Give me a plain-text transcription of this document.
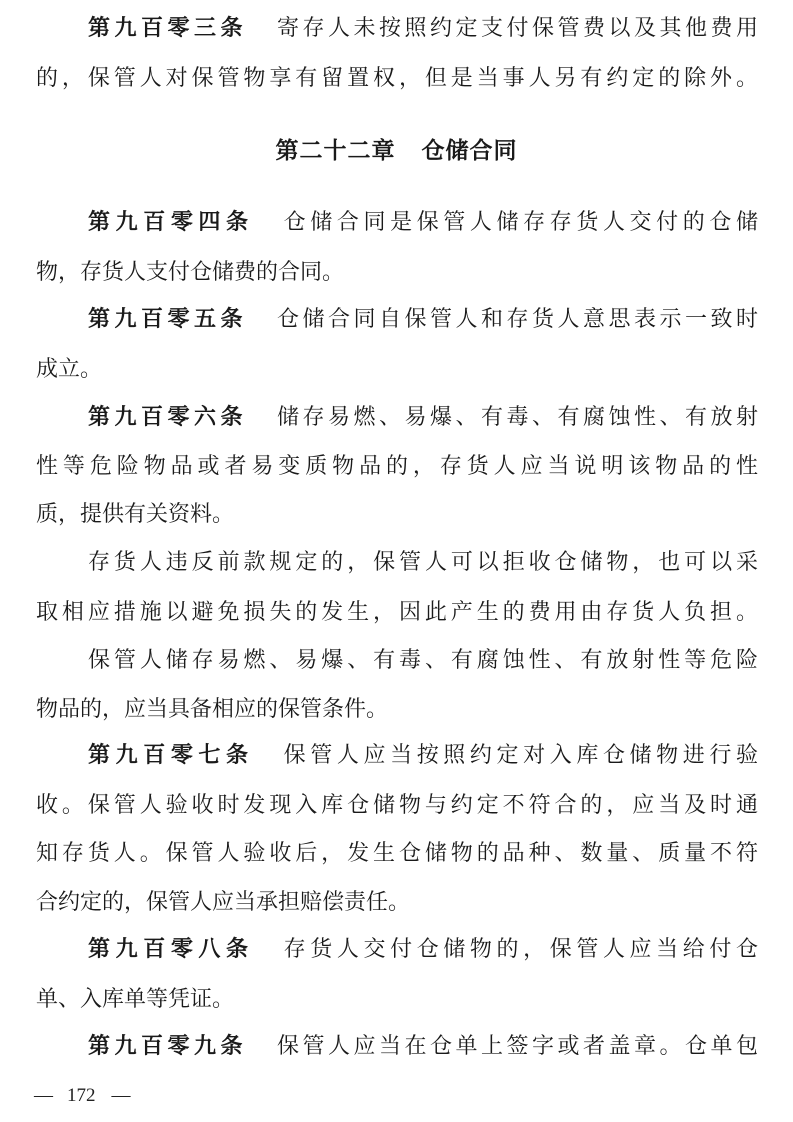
第九百零三条 寄存人未按照约定支付保管费以及其他费用
的，保管人对保管物享有留置权，但是当事人另有约定的除外。
第二十二章 仓储合同
第九百零四条 仓储合同是保管人储存存货人交付的仓储
物，存货人支付仓储费的合同。
第九百零五条 仓储合同自保管人和存货人意思表示一致时
成立。
第九百零六条 储存易燃、易爆、有毒、有腐蚀性、有放射
性等危险物品或者易变质物品的，存货人应当说明该物品的性
质，提供有关资料。
存货人违反前款规定的，保管人可以拒收仓储物，也可以采
取相应措施以避免损失的发生，因此产生的费用由存货人负担。
保管人储存易燃、易爆、有毒、有腐蚀性、有放射性等危险
物品的，应当具备相应的保管条件。
第九百零七条 保管人应当按照约定对入库仓储物进行验
收。保管人验收时发现入库仓储物与约定不符合的，应当及时通
知存货人。保管人验收后，发生仓储物的品种、数量、质量不符
合约定的，保管人应当承担赔偿责任。
第九百零八条 存货人交付仓储物的，保管人应当给付仓
单、入库单等凭证。
第九百零九条 保管人应当在仓单上签字或者盖章。仓单包
— 172 —
